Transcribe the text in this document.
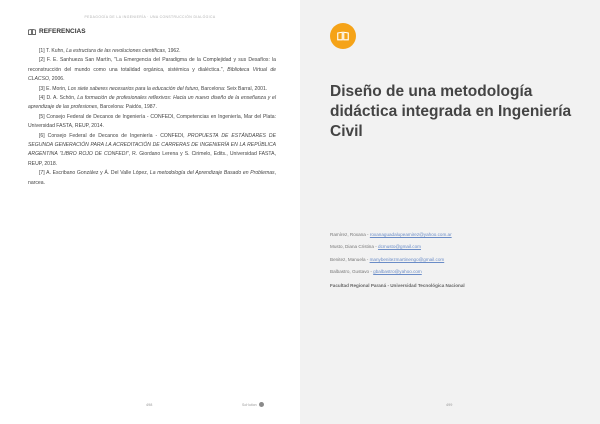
PEDAGOGÍA DE LA INGENIERÍA · UNA CONSTRUCCIÓN DIALÓGICA
REFERENCIAS

[1] T. Kuhn, La estructura de las revoluciones científicas, 1962.

[2] F. E. Sanhueza San Martín, "La Emergencia del Paradigma de la Complejidad y sus Desafíos: la reconstrucción del mundo como una totalidad orgánica, sistémica y dialéctica.", Biblioteca Virtual de CLACSO, 2006.

[3] E. Morin, Los siete saberes necesarios para la educación del futuro, Barcelona: Seix Barral, 2001.

[4] D. A. Schön, La formación de profesionales reflexivos: Hacia un nuevo diseño de la enseñanza y el aprendizaje de las profesiones, Barcelona: Paidós, 1987.

[5] Consejo Federal de Decanos de Ingeniería - CONFEDI, Competencias en Ingeniería, Mar del Plata: Universidad FASTA, REUP, 2014.

[6] Consejo Federal de Decanos de Ingeniería - CONFEDI, PROPUESTA DE ESTÁNDARES DE SEGUNDA GENERACIÓN PARA LA ACREDITACIÓN DE CARRERAS DE INGENIERÍA EN LA REPÚBLICA ARGENTINA "LIBRO ROJO DE CONFEDI", R. Giordano Lerena y S. Cirimelo, Edits., Universidad FASTA, REUP, 2018.

[7] A. Escribano González y Á. Del Valle López, La metodología del Aprendizaje Basado en Problemas, narcea.

498	Sol·lution
Diseño de una metodología didáctica integrada en Ingeniería Civil
Ramírez, Roxana - roxanaguadalupeamirez@yahoo.com.ar
Musto, Diana Cristina - dcmusto@gmail.com
Benitez, Manuela - manybenitezmartinengo@gmail.com
Balbastro, Gustavo - gbalbastro@yahoo.com
Facultad Regional Paraná - Universidad Tecnológica Nacional
499
